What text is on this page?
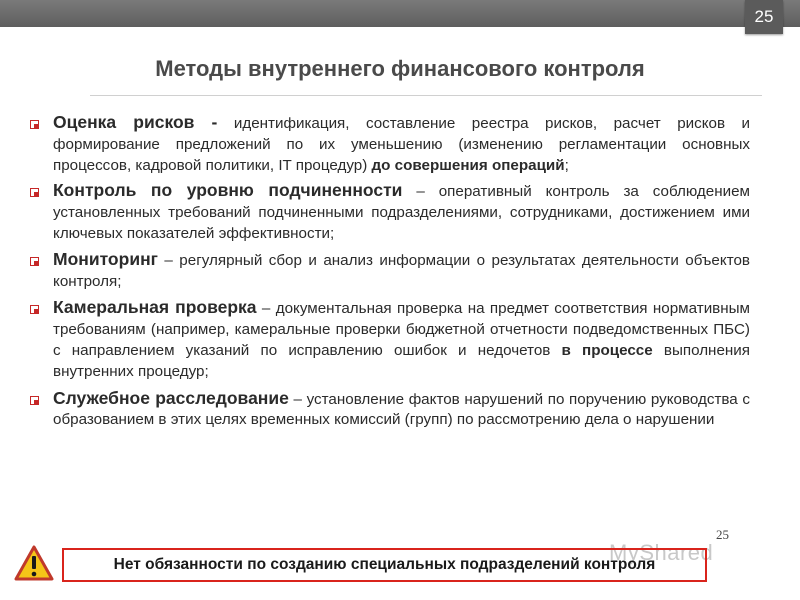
25
Методы внутреннего финансового контроля
Оценка рисков - идентификация, составление реестра рисков, расчет рисков и формирование предложений по их уменьшению (изменению регламентации основных процессов, кадровой политики, IT процедур) до совершения операций;
Контроль по уровню подчиненности – оперативный контроль за соблюдением установленных требований подчиненными подразделениями, сотрудниками, достижением ими ключевых показателей эффективности;
Мониторинг – регулярный сбор и анализ информации о результатах деятельности объектов контроля;
Камеральная проверка – документальная проверка на предмет соответствия нормативным требованиям (например, камеральные проверки бюджетной отчетности подведомственных ПБС) с направлением указаний по исправлению ошибок и недочетов в процессе выполнения внутренних процедур;
Служебное расследование – установление фактов нарушений по поручению руководства с образованием в этих целях временных комиссий (групп) по рассмотрению дела о нарушении
25
MyShared
Нет обязанности по созданию специальных подразделений контроля
